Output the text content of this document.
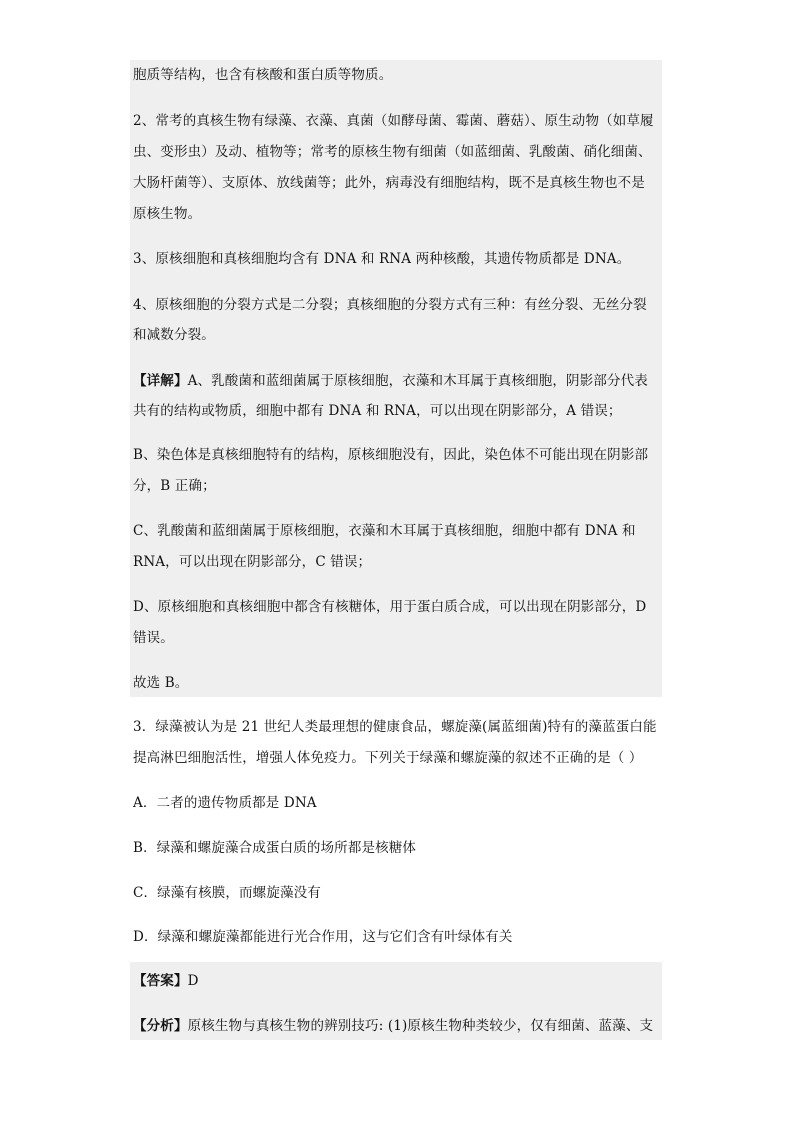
胞质等结构，也含有核酸和蛋白质等物质。
2、常考的真核生物有绿藻、衣藻、真菌（如酵母菌、霉菌、蘑菇）、原生动物（如草履
虫、变形虫）及动、植物等；常考的原核生物有细菌（如蓝细菌、乳酸菌、硝化细菌、
大肠杆菌等）、支原体、放线菌等；此外，病毒没有细胞结构，既不是真核生物也不是
原核生物。
3、原核细胞和真核细胞均含有 DNA 和 RNA 两种核酸，其遗传物质都是 DNA。
4、原核细胞的分裂方式是二分裂；真核细胞的分裂方式有三种：有丝分裂、无丝分裂
和减数分裂。
【详解】A、乳酸菌和蓝细菌属于原核细胞，衣藻和木耳属于真核细胞，阴影部分代表
共有的结构或物质，细胞中都有 DNA 和 RNA，可以出现在阴影部分，A 错误；
B、染色体是真核细胞特有的结构，原核细胞没有，因此，染色体不可能出现在阴影部
分，B 正确；
C、乳酸菌和蓝细菌属于原核细胞，衣藻和木耳属于真核细胞，细胞中都有 DNA 和
RNA，可以出现在阴影部分，C 错误；
D、原核细胞和真核细胞中都含有核糖体，用于蛋白质合成，可以出现在阴影部分，D
错误。
故选 B。
3．绿藻被认为是 21 世纪人类最理想的健康食品，螺旋藻(属蓝细菌)特有的藻蓝蛋白能
提高淋巴细胞活性，增强人体免疫力。下列关于绿藻和螺旋藻的叙述不正确的是（ ）
A．二者的遗传物质都是 DNA
B．绿藻和螺旋藻合成蛋白质的场所都是核糖体
C．绿藻有核膜，而螺旋藻没有
D．绿藻和螺旋藻都能进行光合作用，这与它们含有叶绿体有关
【答案】D
【分析】原核生物与真核生物的辨别技巧: (1)原核生物种类较少，仅有细菌、蓝藻、支
